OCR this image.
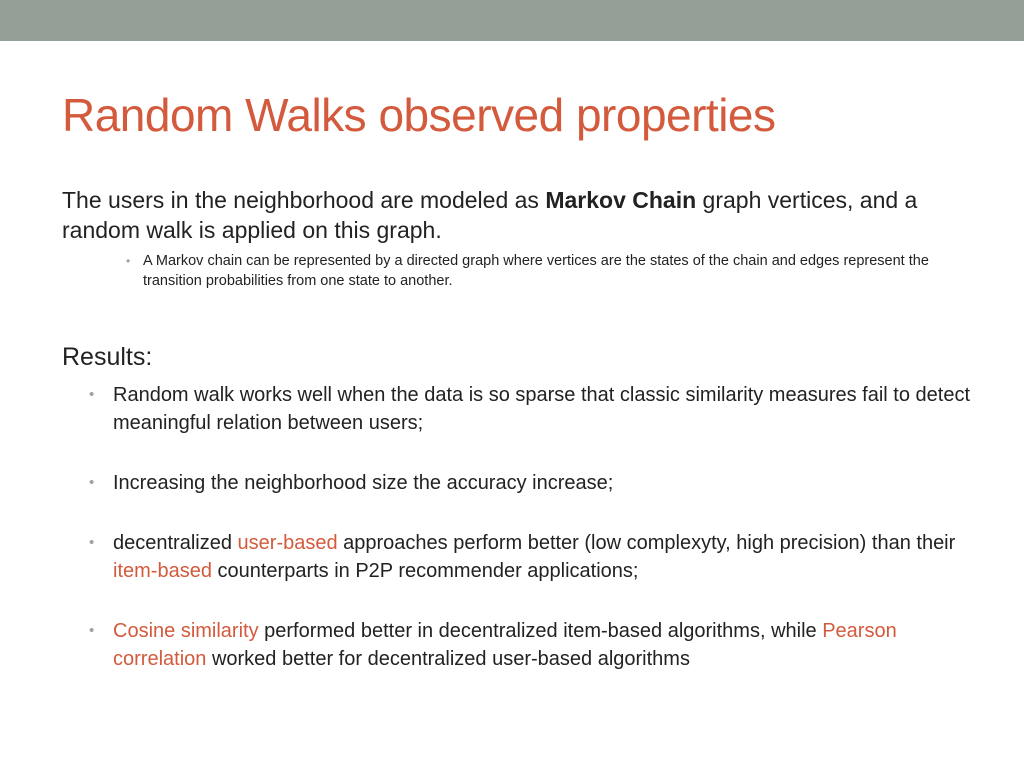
Random Walks observed properties

The users in the neighborhood are modeled as Markov Chain graph vertices, and a random walk is applied on this graph.

• A Markov chain can be represented by a directed graph where vertices are the states of the chain and edges represent the transition probabilities from one state to another.

Results:

• Random walk works well when the data is so sparse that classic similarity measures fail to detect meaningful relation between users;
• Increasing the neighborhood size the accuracy increase;
• decentralized user-based approaches perform better (low complexyty, high precision) than their item-based counterparts in P2P recommender applications;
• Cosine similarity performed better in decentralized item-based algorithms, while Pearson correlation worked better for decentralized user-based algorithms
